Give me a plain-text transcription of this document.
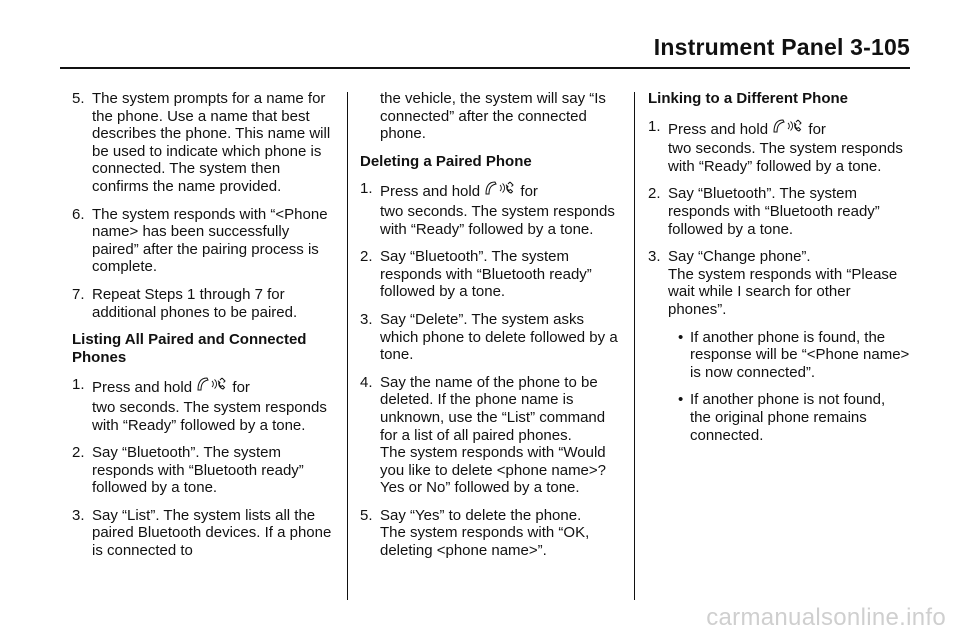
Instrument Panel 3-105
5. The system prompts for a name for the phone. Use a name that best describes the phone. This name will be used to indicate which phone is connected. The system then confirms the name provided.

6. The system responds with “<Phone name> has been successfully paired” after the pairing process is complete.

7. Repeat Steps 1 through 7 for additional phones to be paired.

Listing All Paired and Connected Phones
1. Press and hold	for

two seconds. The system responds with “Ready” followed by a tone.

2. Say “Bluetooth”. The system responds with “Bluetooth ready” followed by a tone.

3. Say “List”. The system lists all the paired Bluetooth devices. If a phone is connected to

the vehicle, the system will say “Is connected” after the connected phone.

Deleting a Paired Phone
1. Press and hold	for

two seconds. The system responds with “Ready” followed by a tone.

2. Say “Bluetooth”. The system responds with “Bluetooth ready” followed by a tone.

3. Say “Delete”. The system asks which phone to delete followed by a tone.

4. Say the name of the phone to be deleted. If the phone name is unknown, use the “List” command for a list of all paired phones.

The system responds with “Would you like to delete <phone name>? Yes or No” followed by a tone.

5. Say “Yes” to delete the phone.

The system responds with “OK, deleting <phone name>”.

Linking to a Different Phone
1. Press and hold	for

two seconds. The system responds with “Ready” followed by a tone.

2. Say “Bluetooth”. The system responds with “Bluetooth ready” followed by a tone.

3. Say “Change phone”.

The system responds with “Please wait while I search for other phones”.

• If another phone is found, the response will be “<Phone name> is now connected”.
• If another phone is not found, the original phone remains connected.
carmanualsonline.info
